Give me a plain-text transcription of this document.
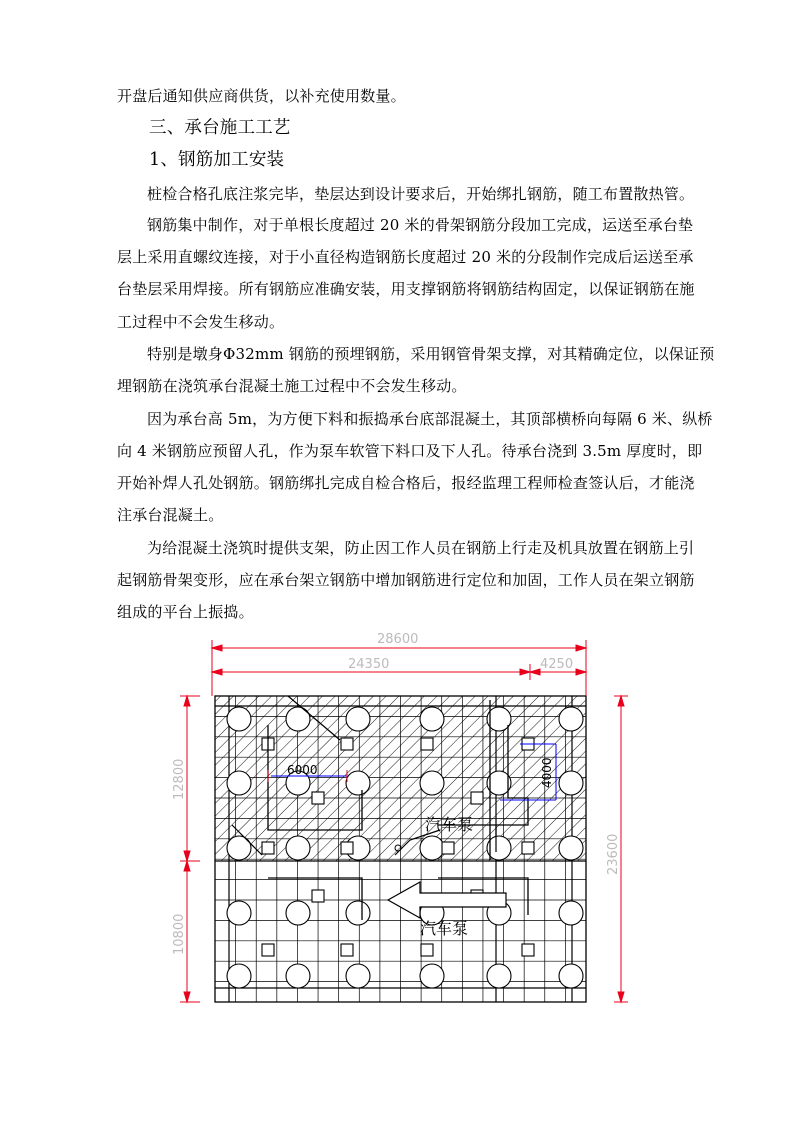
开盘后通知供应商供货，以补充使用数量。
三、承台施工工艺
1、钢筋加工安装
桩检合格孔底注浆完毕，垫层达到设计要求后，开始绑扎钢筋，随工布置散热管。
钢筋集中制作，对于单根长度超过 20 米的骨架钢筋分段加工完成，运送至承台垫
层上采用直螺纹连接，对于小直径构造钢筋长度超过 20 米的分段制作完成后运送至承
台垫层采用焊接。所有钢筋应准确安装，用支撑钢筋将钢筋结构固定，以保证钢筋在施
工过程中不会发生移动。
特别是墩身Φ32mm 钢筋的预埋钢筋，采用钢管骨架支撑，对其精确定位，以保证预
埋钢筋在浇筑承台混凝土施工过程中不会发生移动。
因为承台高 5m，为方便下料和振捣承台底部混凝土，其顶部横桥向每隔 6 米、纵桥
向 4 米钢筋应预留人孔，作为泵车软管下料口及下人孔。待承台浇到 3.5m 厚度时，即
开始补焊人孔处钢筋。钢筋绑扎完成自检合格后，报经监理工程师检查签认后，才能浇
注承台混凝土。
为给混凝土浇筑时提供支架，防止因工作人员在钢筋上行走及机具放置在钢筋上引
起钢筋骨架变形，应在承台架立钢筋中增加钢筋进行定位和加固，工作人员在架立钢筋
组成的平台上振捣。
汽车泵
汽车泵
6000	4000
28600
24350	4250
12800
10800
23600
